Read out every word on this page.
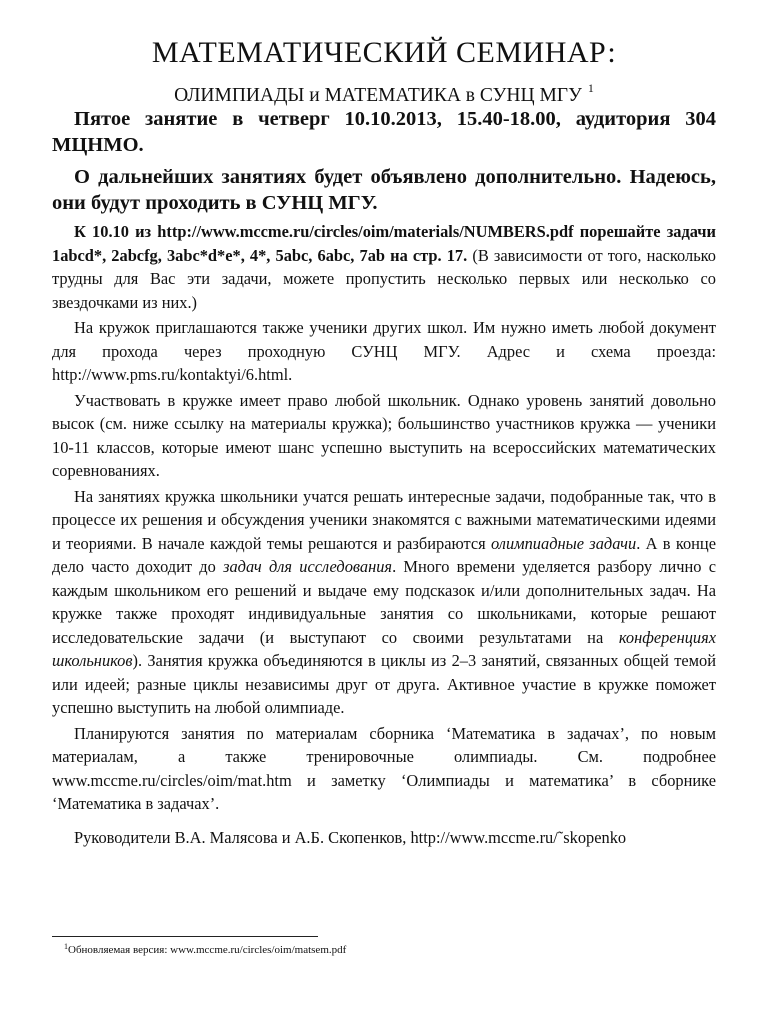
МАТЕМАТИЧЕСКИЙ СЕМИНАР:
ОЛИМПИАДЫ и МАТЕМАТИКА в СУНЦ МГУ $^1$

Пятое занятие в четверг 10.10.2013, 15.40-18.00, аудитория 304 МЦНМО.

О дальнейших занятиях будет объявлено дополнительно. Надеюсь, они будут проходить в СУНЦ МГУ.

К 10.10 из http://www.mccme.ru/circles/oim/materials/NUMBERS.pdf порешайте задачи 1abcd*, 2abcfg, 3abc*d*e*, 4*, 5abc, 6abc, 7ab на стр. 17. (В зависимости от того, насколько трудны для Вас эти задачи, можете пропустить несколько первых или несколько со звездочками из них.)

На кружок приглашаются также ученики других школ. Им нужно иметь любой документ для прохода через проходную СУНЦ МГУ. Адрес и схема проезда: http://www.pms.ru/kontaktyi/6.html.

Участвовать в кружке имеет право любой школьник. Однако уровень занятий довольно высок (см. ниже ссылку на материалы кружка); большинство участников кружка — ученики 10-11 классов, которые имеют шанс успешно выступить на всероссийских математических соревнованиях.

На занятиях кружка школьники учатся решать интересные задачи, подобранные так, что в процессе их решения и обсуждения ученики знакомятся с важными математическими идеями и теориями. В начале каждой темы решаются и разбираются олимпиадные задачи. А в конце дело часто доходит до задач для исследования. Много времени уделяется разбору лично с каждым школьником его решений и выдаче ему подсказок и/или дополнительных задач. На кружке также проходят индивидуальные занятия со школьниками, которые решают исследовательские задачи (и выступают со своими результатами на конференциях школьников). Занятия кружка объединяются в циклы из 2–3 занятий, связанных общей темой или идеей; разные циклы независимы друг от друга. Активное участие в кружке поможет успешно выступить на любой олимпиаде.

Планируются занятия по материалам сборника ‘Математика в задачах’, по новым материалам, а также тренировочные олимпиады. См. подробнее www.mccme.ru/circles/oim/mat.htm и заметку ‘Олимпиады и математика’ в сборнике ‘Математика в задачах’.

Руководители В.А. Малясова и А.Б. Скопенков, http://www.mccme.ru/˜skopenko

$^1$Обновляемая версия: www.mccme.ru/circles/oim/matsem.pdf
